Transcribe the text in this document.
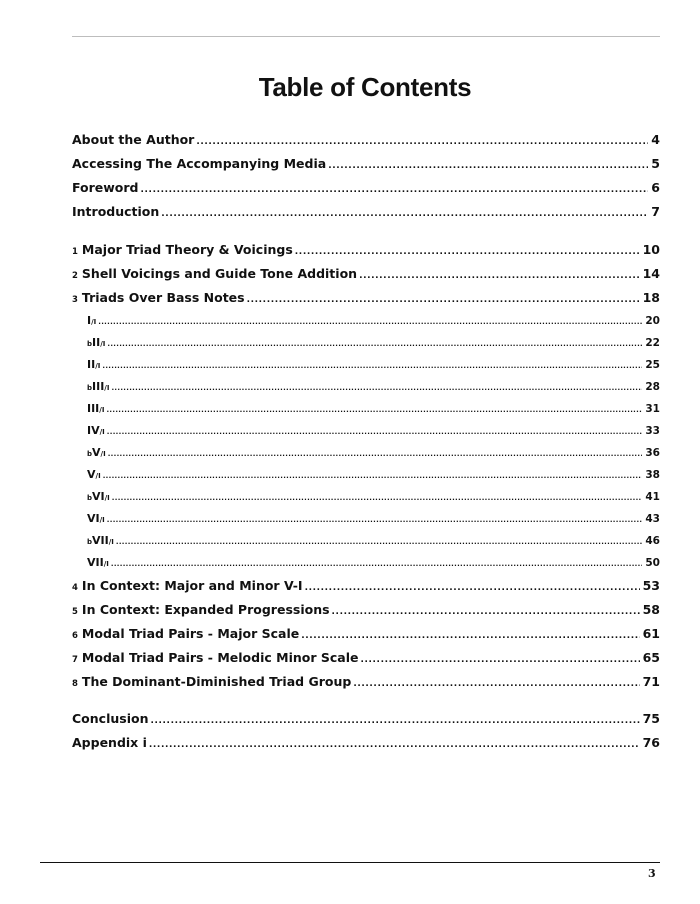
Table of Contents
About the Author .....	4
Accessing The Accompanying Media .....	5
Foreword .....	6
Introduction .....	7
1 Major Triad Theory & Voicings .....	10
2 Shell Voicings and Guide Tone Addition .....	14
3 Triads Over Bass Notes .....	18
I /I .....	20
b II /I .....	22
II /I .....	25
b III /I .....	28
III /I .....	31
IV /I .....	33
b V /I .....	36
V /I .....	38
b VI /I .....	41
VI /I .....	43
b VII /I .....	46
VII /I .....	50
4 In Context: Major and Minor V-I .....	53
5 In Context: Expanded Progressions .....	58
6 Modal Triad Pairs - Major Scale .....	61
7 Modal Triad Pairs - Melodic Minor Scale .....	65
8 The Dominant-Diminished Triad Group .....	71
Conclusion .....	75
Appendix i .....	76
3
